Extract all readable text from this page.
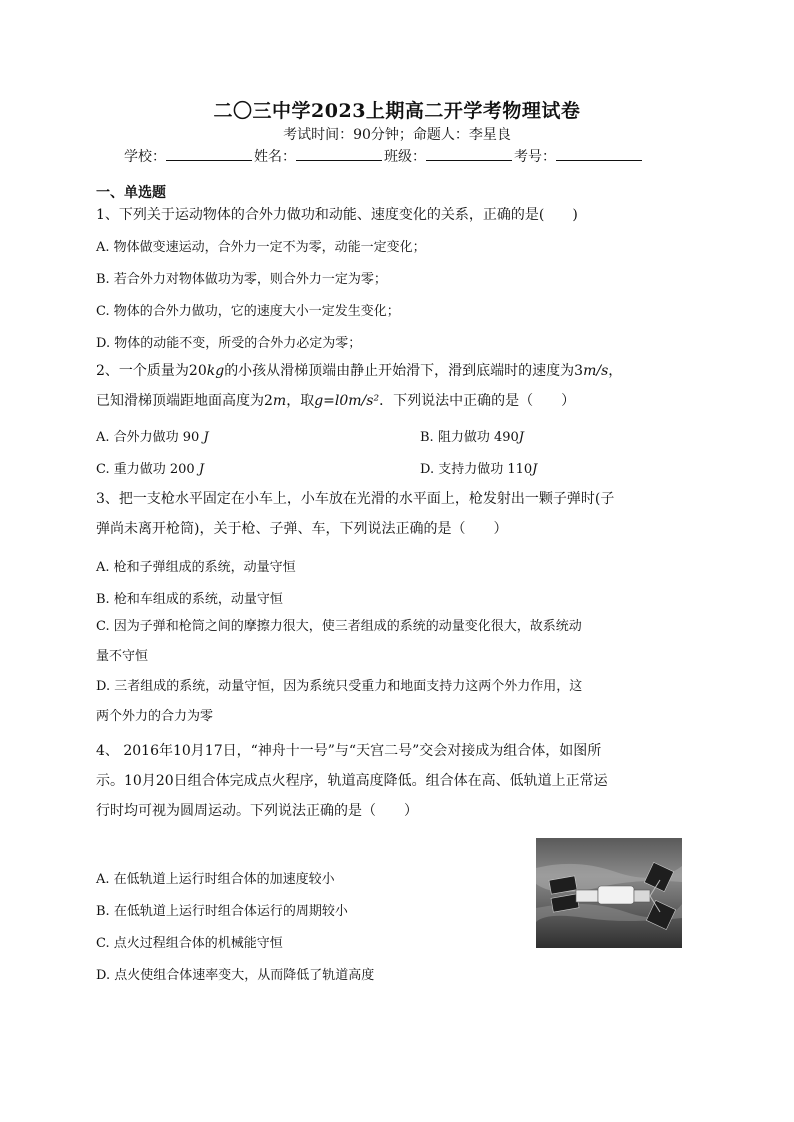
二〇三中学2023上期高二开学考物理试卷
考试时间：90分钟；命题人：李星良
学校：	姓名：	班级：	考号：
一、单选题
1、下列关于运动物体的合外力做功和动能、速度变化的关系，正确的是(　　)
A. 物体做变速运动，合外力一定不为零，动能一定变化；
B. 若合外力对物体做功为零，则合外力一定为零；
C. 物体的合外力做功，它的速度大小一定发生变化；
D. 物体的动能不变，所受的合外力必定为零；
2、一个质量为20kg的小孩从滑梯顶端由静止开始滑下，滑到底端时的速度为3m/s，
已知滑梯顶端距地面高度为2m，取g=l0m/s²．下列说法中正确的是（　　）
A. 合外力做功 90 J	B. 阻力做功 490J
C. 重力做功 200 J	D. 支持力做功 110J
3、把一支枪水平固定在小车上，小车放在光滑的水平面上，枪发射出一颗子弹时(子
弹尚未离开枪筒)，关于枪、子弹、车，下列说法正确的是（　　）
A. 枪和子弹组成的系统，动量守恒
B. 枪和车组成的系统，动量守恒
C. 因为子弹和枪筒之间的摩擦力很大，使三者组成的系统的动量变化很大，故系统动
量不守恒
D. 三者组成的系统，动量守恒，因为系统只受重力和地面支持力这两个外力作用，这
两个外力的合力为零
4、 2016年10月17日，“神舟十一号”与“天宫二号”交会对接成为组合体，如图所
示。10月20日组合体完成点火程序，轨道高度降低。组合体在高、低轨道上正常运
行时均可视为圆周运动。下列说法正确的是（　　）
A. 在低轨道上运行时组合体的加速度较小
B. 在低轨道上运行时组合体运行的周期较小
C. 点火过程组合体的机械能守恒
D. 点火使组合体速率变大，从而降低了轨道高度
